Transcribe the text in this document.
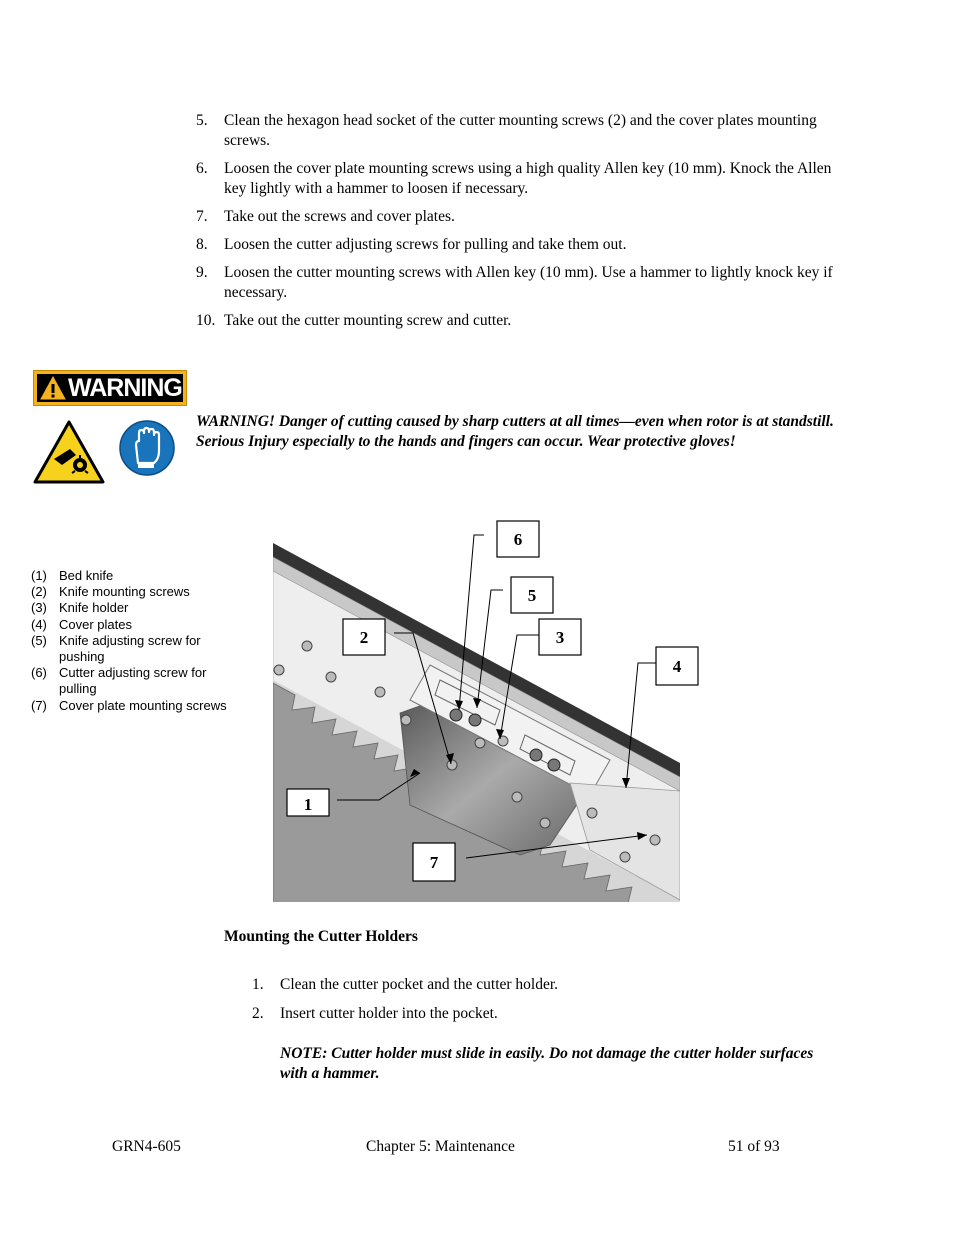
5. Clean the hexagon head socket of the cutter mounting screws (2) and the cover plates mounting screws.
6. Loosen the cover plate mounting screws using a high quality Allen key (10 mm). Knock the Allen key lightly with a hammer to loosen if necessary.
7. Take out the screws and cover plates.
8. Loosen the cutter adjusting screws for pulling and take them out.
9. Loosen the cutter mounting screws with Allen key (10 mm). Use a hammer to lightly knock key if necessary.
10. Take out the cutter mounting screw and cutter.
WARNING
WARNING! Danger of cutting caused by sharp cutters at all times—even when rotor is at standstill. Serious Injury especially to the hands and fingers can occur. Wear protective gloves!
(1) Bed knife
(2) Knife mounting screws
(3) Knife holder
(4) Cover plates
(5) Knife adjusting screw for pushing
(6) Cutter adjusting screw for pulling
(7) Cover plate mounting screws
6
5
2	3
4
1
7
Mounting the Cutter Holders
1. Clean the cutter pocket and the cutter holder.
2. Insert cutter holder into the pocket.
NOTE: Cutter holder must slide in easily. Do not damage the cutter holder surfaces with a hammer.
GRN4-605	Chapter 5: Maintenance	51 of 93
